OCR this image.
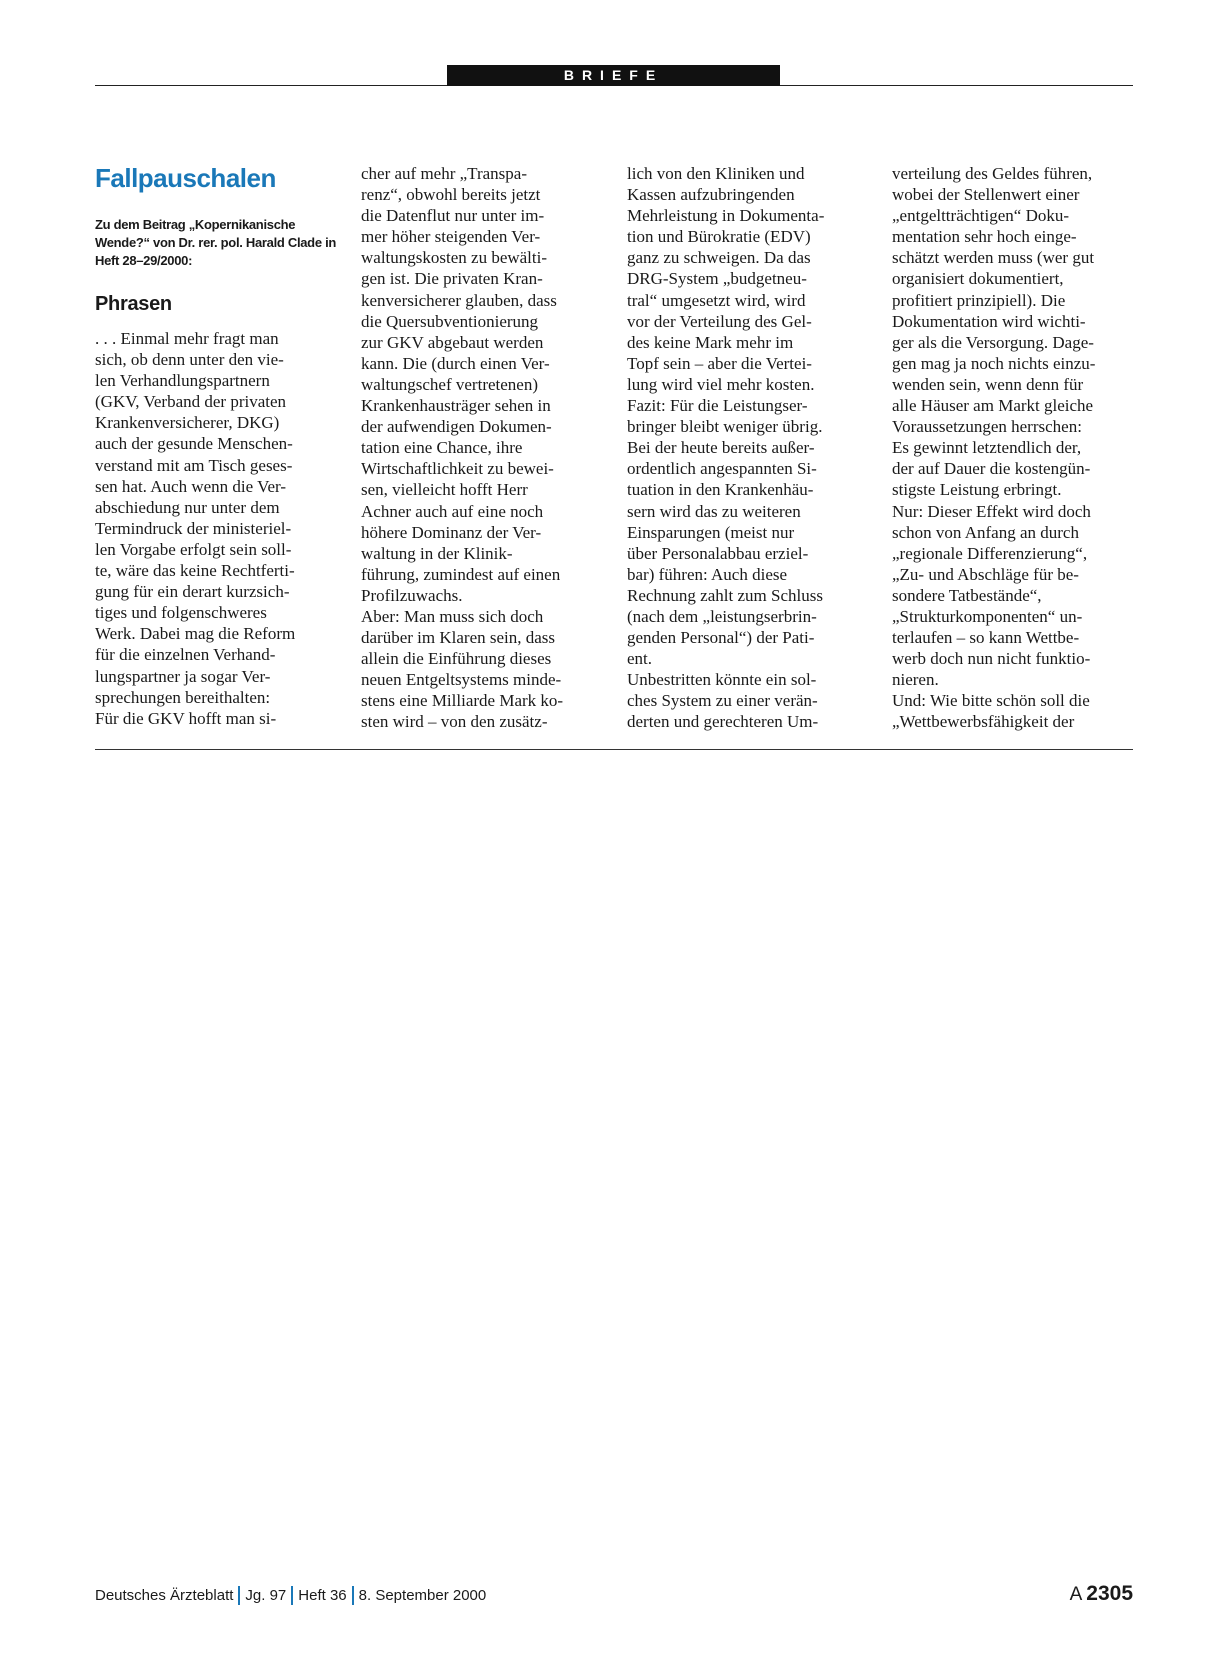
BRIEFE
Fallpauschalen

Zu dem Beitrag „Kopernikanische Wende?“ von Dr. rer. pol. Harald Clade in Heft 28–29/2000:

Phrasen

. . . Einmal mehr fragt man
sich, ob denn unter den vie-
len Verhandlungspartnern
(GKV, Verband der privaten
Krankenversicherer, DKG)
auch der gesunde Menschen-
verstand mit am Tisch geses-
sen hat. Auch wenn die Ver-
abschiedung nur unter dem
Termindruck der ministeriel-
len Vorgabe erfolgt sein soll-
te, wäre das keine Rechtferti-
gung für ein derart kurzsich-
tiges und folgenschweres
Werk. Dabei mag die Reform
für die einzelnen Verhand-
lungspartner ja sogar Ver-
sprechungen bereithalten:
Für die GKV hofft man si-

cher auf mehr „Transpa-
renz“, obwohl bereits jetzt
die Datenflut nur unter im-
mer höher steigenden Ver-
waltungskosten zu bewälti-
gen ist. Die privaten Kran-
kenversicherer glauben, dass
die Quersubventionierung
zur GKV abgebaut werden
kann. Die (durch einen Ver-
waltungschef vertretenen)
Krankenhausträger sehen in
der aufwendigen Dokumen-
tation eine Chance, ihre
Wirtschaftlichkeit zu bewei-
sen, vielleicht hofft Herr
Achner auch auf eine noch
höhere Dominanz der Ver-
waltung in der Klinik-
führung, zumindest auf einen
Profilzuwachs.
Aber: Man muss sich doch
darüber im Klaren sein, dass
allein die Einführung dieses
neuen Entgeltsystems minde-
stens eine Milliarde Mark ko-
sten wird – von den zusätz-

lich von den Kliniken und
Kassen aufzubringenden
Mehrleistung in Dokumenta-
tion und Bürokratie (EDV)
ganz zu schweigen. Da das
DRG-System „budgetneu-
tral“ umgesetzt wird, wird
vor der Verteilung des Gel-
des keine Mark mehr im
Topf sein – aber die Vertei-
lung wird viel mehr kosten.
Fazit: Für die Leistungser-
bringer bleibt weniger übrig.
Bei der heute bereits außer-
ordentlich angespannten Si-
tuation in den Krankenhäu-
sern wird das zu weiteren
Einsparungen (meist nur
über Personalabbau erziel-
bar) führen: Auch diese
Rechnung zahlt zum Schluss
(nach dem „leistungserbrin-
genden Personal“) der Pati-
ent.
Unbestritten könnte ein sol-
ches System zu einer verän-
derten und gerechteren Um-

verteilung des Geldes führen,
wobei der Stellenwert einer
„entgeltträchtigen“ Doku-
mentation sehr hoch einge-
schätzt werden muss (wer gut
organisiert dokumentiert,
profitiert prinzipiell). Die
Dokumentation wird wichti-
ger als die Versorgung. Dage-
gen mag ja noch nichts einzu-
wenden sein, wenn denn für
alle Häuser am Markt gleiche
Voraussetzungen herrschen:
Es gewinnt letztendlich der,
der auf Dauer die kostengün-
stigste Leistung erbringt.
Nur: Dieser Effekt wird doch
schon von Anfang an durch
„regionale Differenzierung“,
„Zu- und Abschläge für be-
sondere Tatbestände“,
„Strukturkomponenten“ un-
terlaufen – so kann Wettbe-
werb doch nun nicht funktio-
nieren.
Und: Wie bitte schön soll die
„Wettbewerbsfähigkeit der

Deutsches Ärzteblatt Jg. 97 Heft 36 8. September 2000	A 2305
